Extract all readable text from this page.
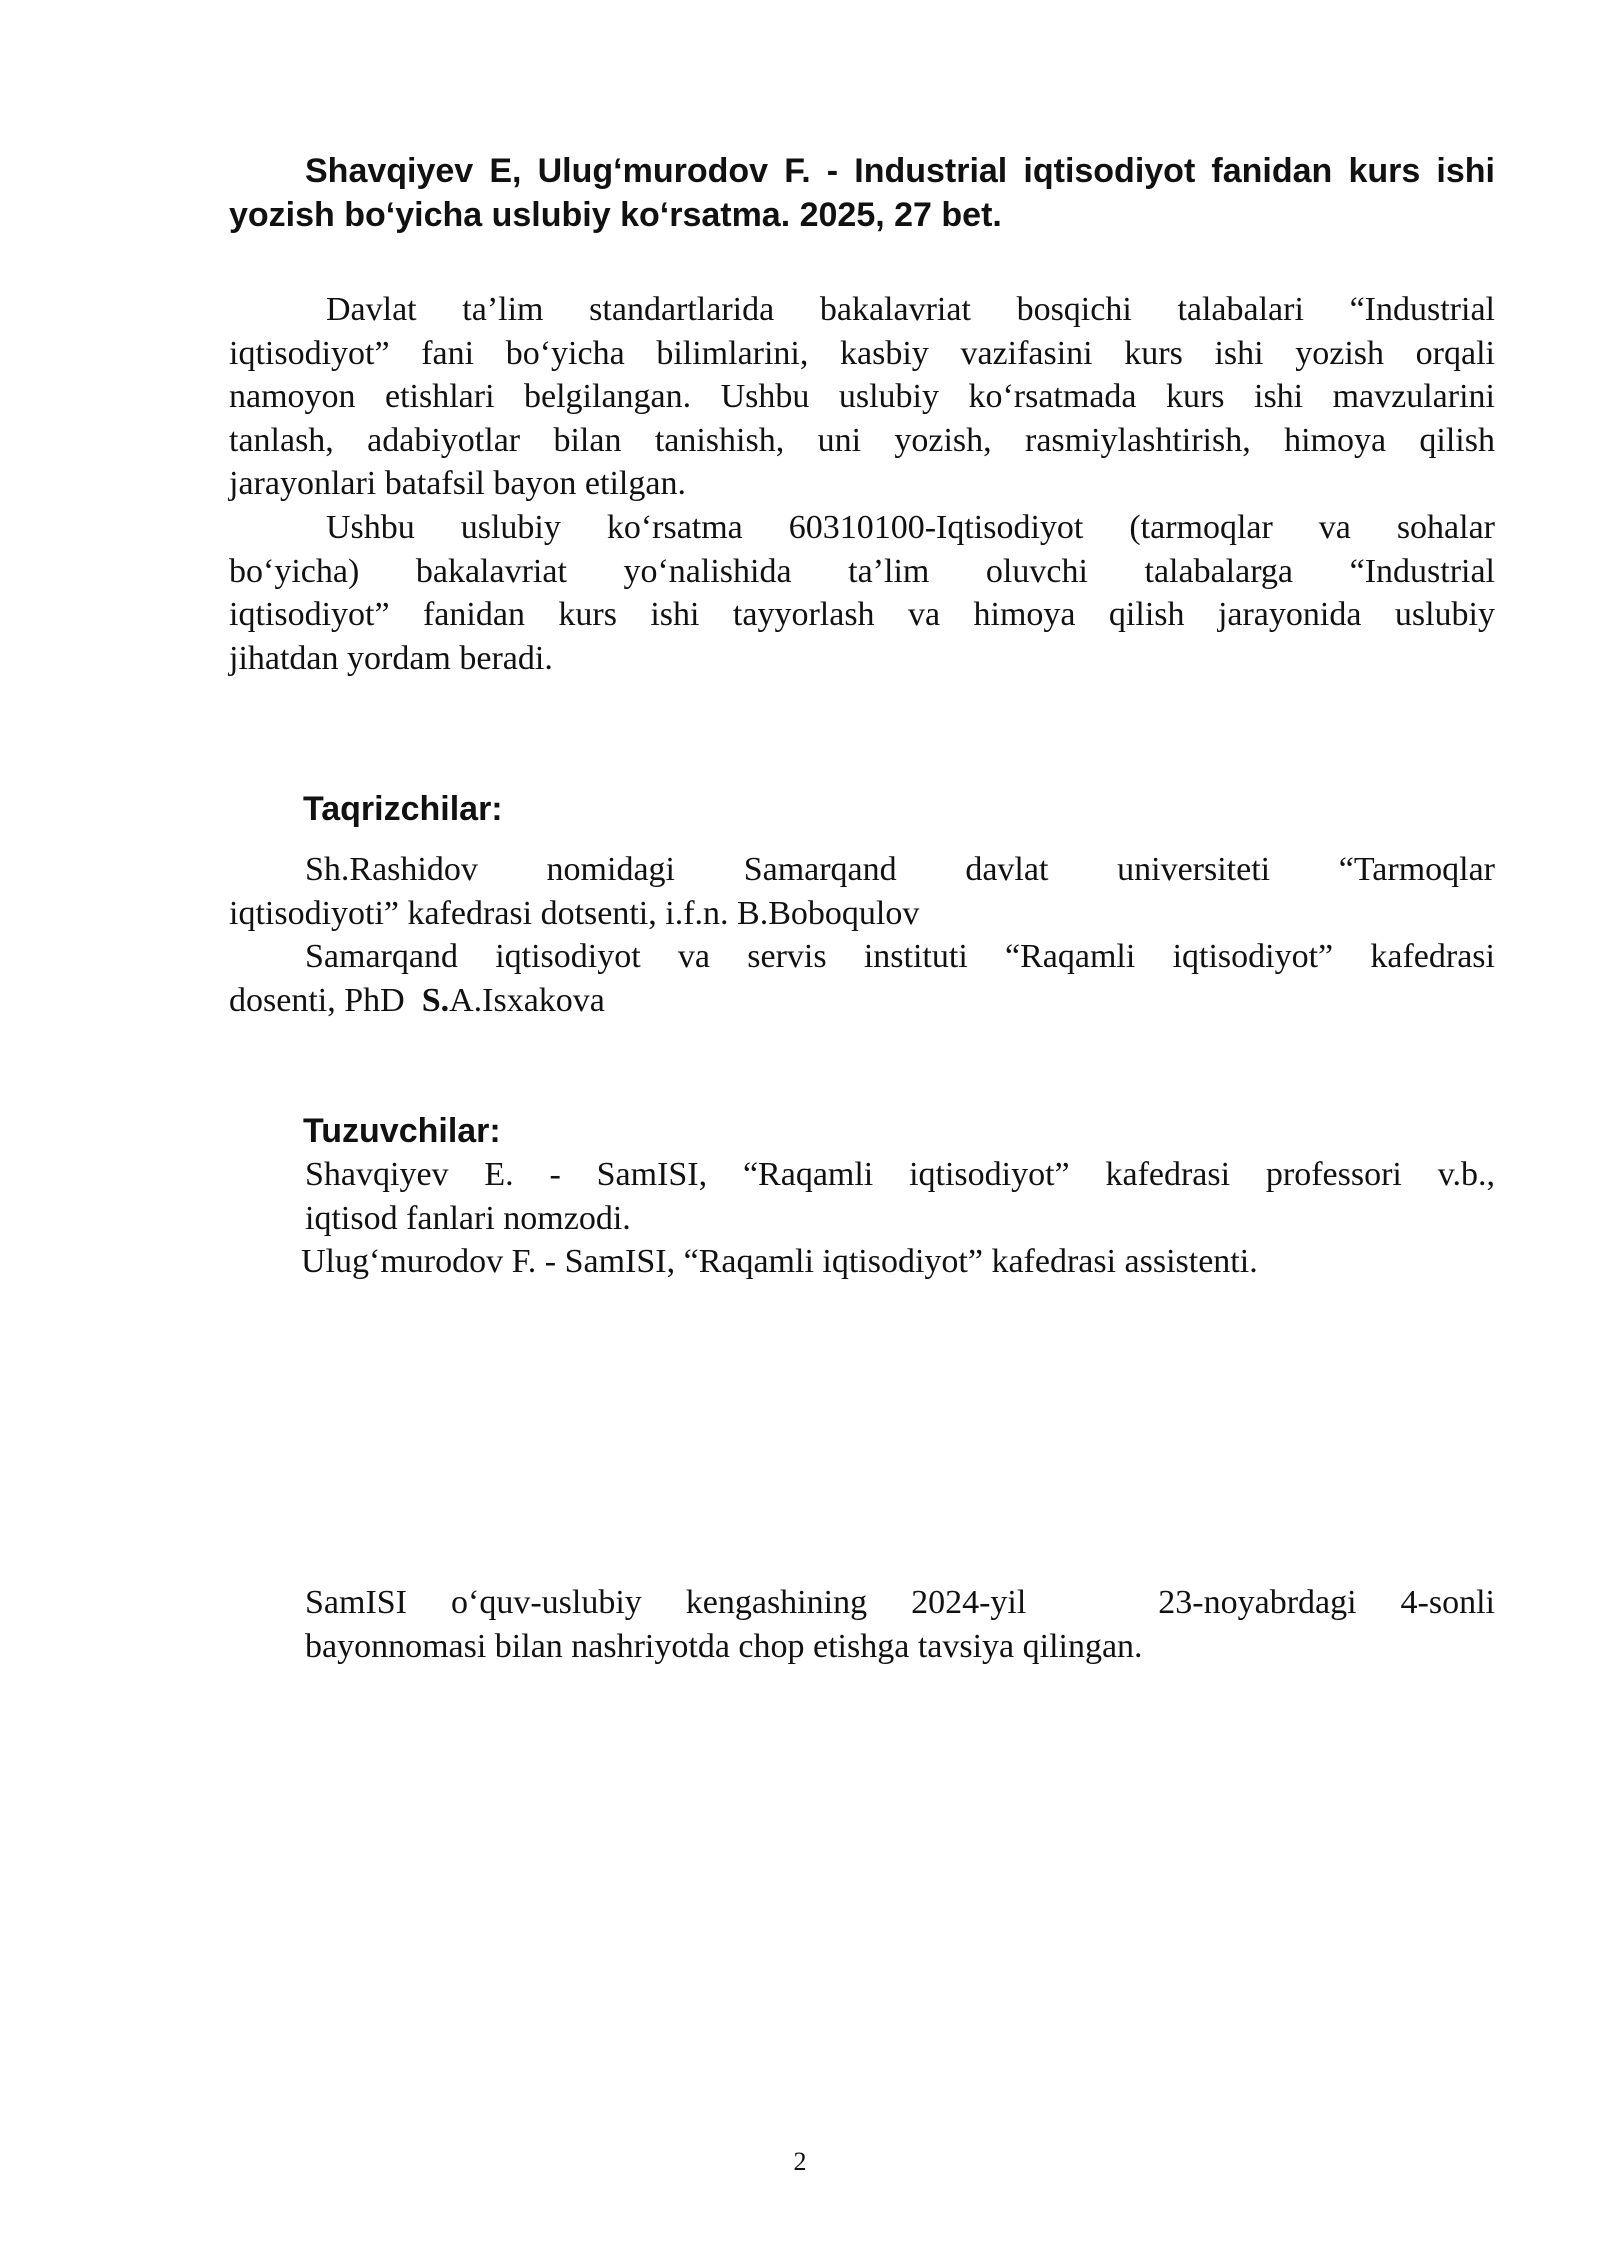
Shavqiyev E, Ulug‘murodov F. - Industrial iqtisodiyot fanidan kurs ishi
yozish bo‘yicha uslubiy ko‘rsatma. 2025, 27 bet.
Davlat ta’lim standartlarida bakalavriat bosqichi talabalari “Industrial
iqtisodiyot” fani bo‘yicha bilimlarini, kasbiy vazifasini kurs ishi yozish orqali
namoyon etishlari belgilangan. Ushbu uslubiy ko‘rsatmada kurs ishi mavzularini
tanlash, adabiyotlar bilan tanishish, uni yozish, rasmiylashtirish, himoya qilish
jarayonlari batafsil bayon etilgan.
Ushbu uslubiy ko‘rsatma 60310100-Iqtisodiyot (tarmoqlar va sohalar
bo‘yicha) bakalavriat yo‘nalishida ta’lim oluvchi talabalarga “Industrial
iqtisodiyot” fanidan kurs ishi tayyorlash va himoya qilish jarayonida uslubiy
jihatdan yordam beradi.
Taqrizchilar:
Sh.Rashidov nomidagi Samarqand davlat universiteti “Tarmoqlar
iqtisodiyoti” kafedrasi dotsenti, i.f.n. B.Boboqulov
Samarqand iqtisodiyot va servis instituti “Raqamli iqtisodiyot” kafedrasi
dosenti, PhD  S.A.Isxakova
Tuzuvchilar:
Shavqiyev E. - SamISI, “Raqamli iqtisodiyot” kafedrasi professori v.b.,
iqtisod fanlari nomzodi.
Ulug‘murodov F. - SamISI, “Raqamli iqtisodiyot” kafedrasi assistenti.
SamISI o‘quv-uslubiy kengashining 2024-yil   23-noyabrdagi 4-sonli
bayonnomasi bilan nashriyotda chop etishga tavsiya qilingan.
2
